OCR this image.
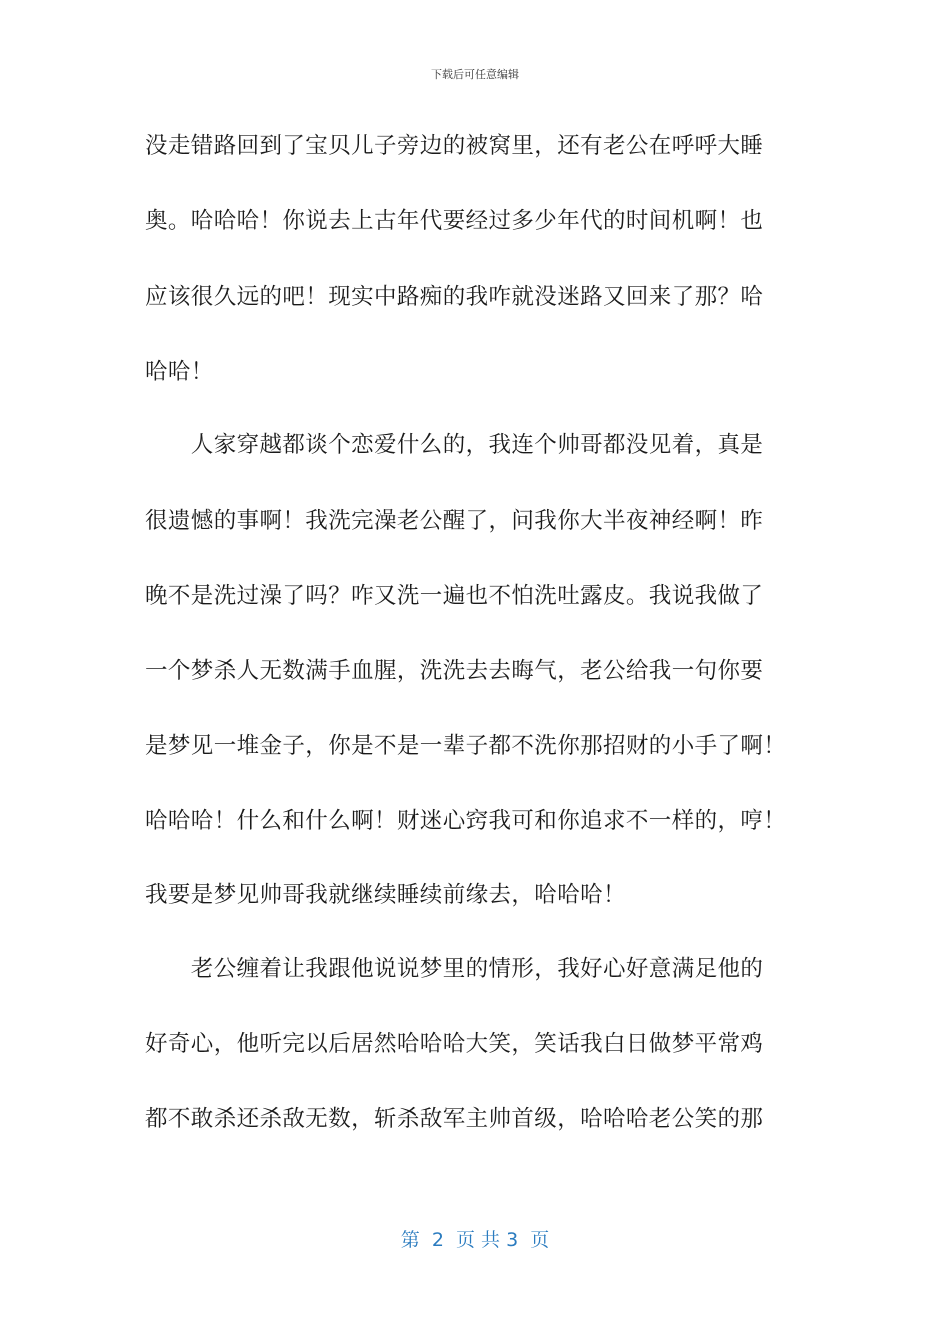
下载后可任意编辑
没走错路回到了宝贝儿子旁边的被窝里，还有老公在呼呼大睡
奥。哈哈哈！你说去上古年代要经过多少年代的时间机啊！也
应该很久远的吧！现实中路痴的我咋就没迷路又回来了那？哈
哈哈！
　　人家穿越都谈个恋爱什么的，我连个帅哥都没见着，真是
很遗憾的事啊！我洗完澡老公醒了，问我你大半夜神经啊！昨
晚不是洗过澡了吗？咋又洗一遍也不怕洗吐露皮。我说我做了
一个梦杀人无数满手血腥，洗洗去去晦气，老公给我一句你要
是梦见一堆金子，你是不是一辈子都不洗你那招财的小手了啊！
哈哈哈！什么和什么啊！财迷心窍我可和你追求不一样的，哼！
我要是梦见帅哥我就继续睡续前缘去，哈哈哈！
　　老公缠着让我跟他说说梦里的情形，我好心好意满足他的
好奇心，他听完以后居然哈哈哈大笑，笑话我白日做梦平常鸡
都不敢杀还杀敌无数，斩杀敌军主帅首级，哈哈哈老公笑的那
第  2  页 共 3  页
